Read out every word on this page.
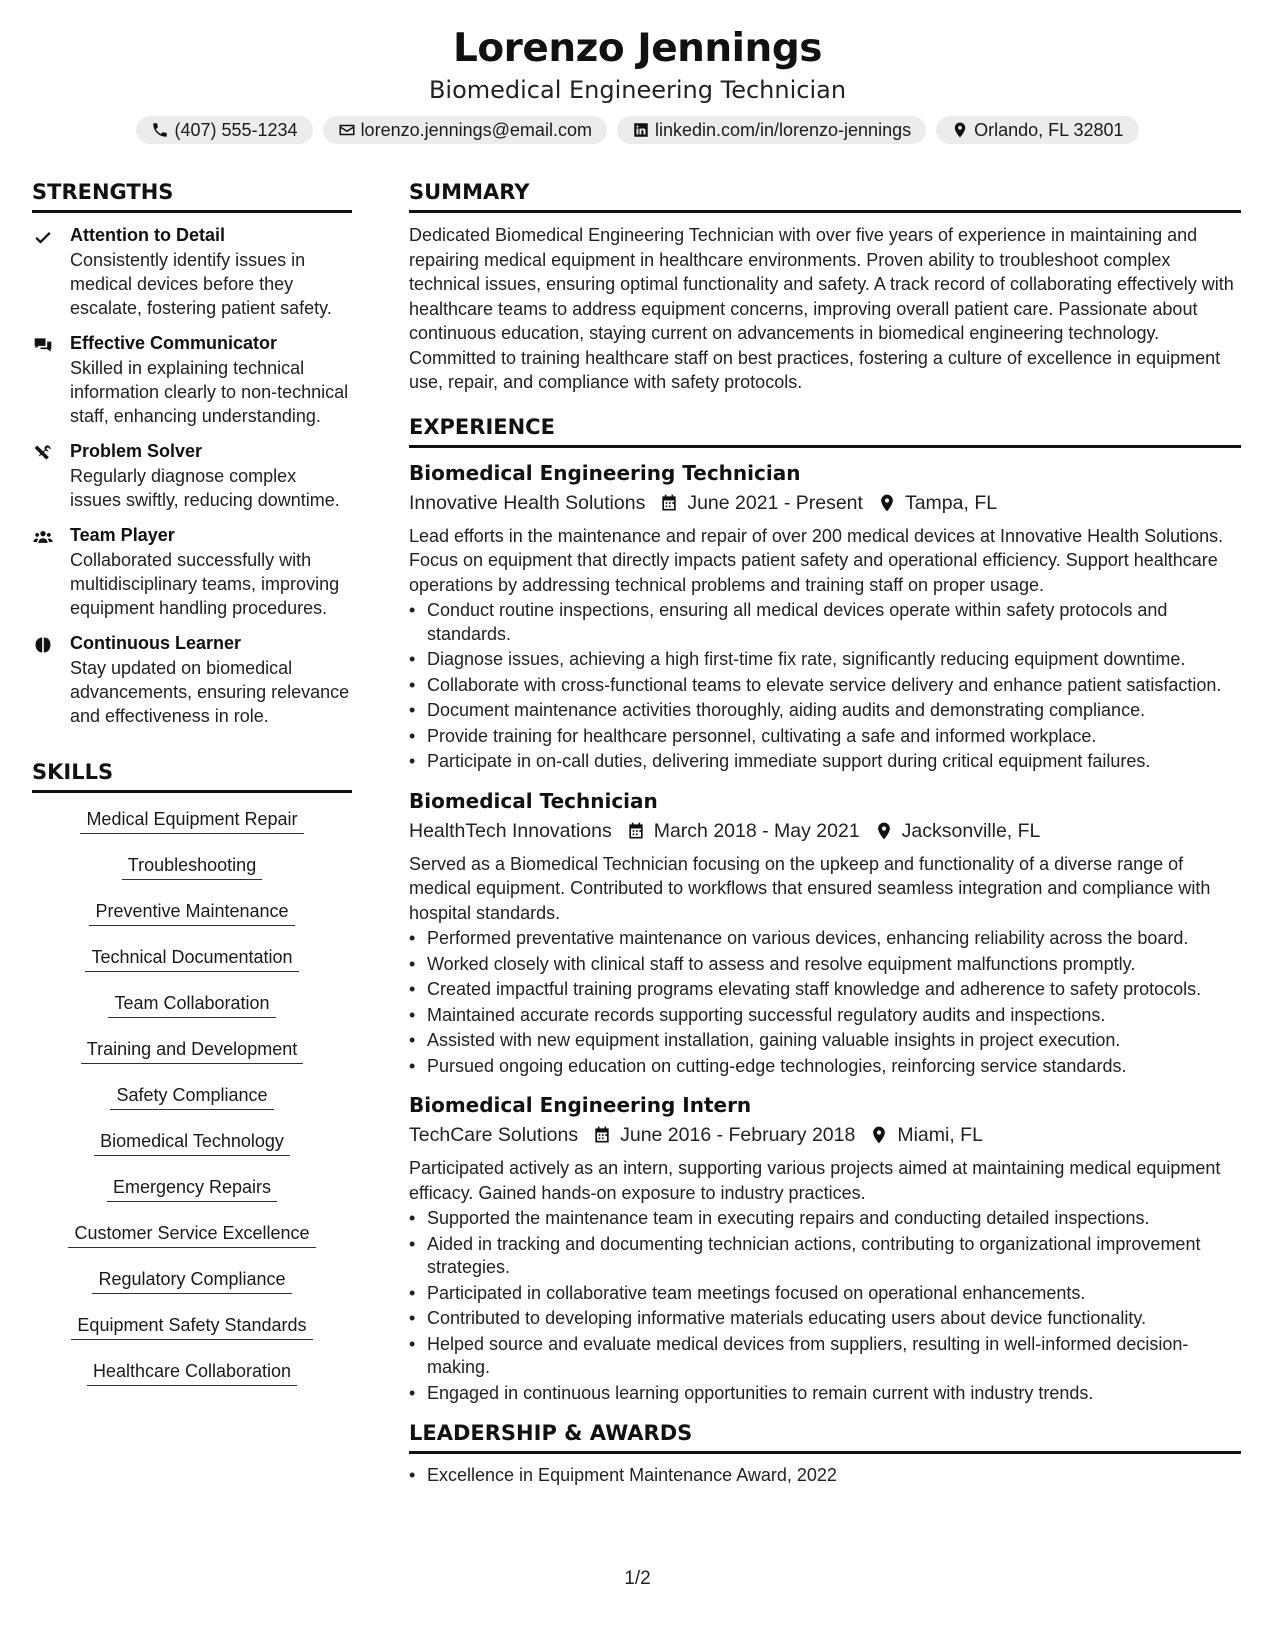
Lorenzo Jennings
Biomedical Engineering Technician
(407) 555-1234	lorenzo.jennings@email.com	linkedin.com/in/lorenzo-jennings	Orlando, FL 32801
STRENGTHS
Attention to Detail
Consistently identify issues in medical devices before they escalate, fostering patient safety.
Effective Communicator
Skilled in explaining technical information clearly to non-technical staff, enhancing understanding.
Problem Solver
Regularly diagnose complex issues swiftly, reducing downtime.
Team Player
Collaborated successfully with multidisciplinary teams, improving equipment handling procedures.
Continuous Learner
Stay updated on biomedical advancements, ensuring relevance and effectiveness in role.
SKILLS
Medical Equipment Repair
Troubleshooting
Preventive Maintenance
Technical Documentation
Team Collaboration
Training and Development
Safety Compliance
Biomedical Technology
Emergency Repairs
Customer Service Excellence
Regulatory Compliance
Equipment Safety Standards
Healthcare Collaboration
SUMMARY
Dedicated Biomedical Engineering Technician with over five years of experience in maintaining and repairing medical equipment in healthcare environments. Proven ability to troubleshoot complex technical issues, ensuring optimal functionality and safety. A track record of collaborating effectively with healthcare teams to address equipment concerns, improving overall patient care. Passionate about continuous education, staying current on advancements in biomedical engineering technology. Committed to training healthcare staff on best practices, fostering a culture of excellence in equipment use, repair, and compliance with safety protocols.
EXPERIENCE
Biomedical Engineering Technician
Innovative Health Solutions June 2021 - Present Tampa, FL
Lead efforts in the maintenance and repair of over 200 medical devices at Innovative Health Solutions. Focus on equipment that directly impacts patient safety and operational efficiency. Support healthcare operations by addressing technical problems and training staff on proper usage.
• Conduct routine inspections, ensuring all medical devices operate within safety protocols and standards.
• Diagnose issues, achieving a high first-time fix rate, significantly reducing equipment downtime.
• Collaborate with cross-functional teams to elevate service delivery and enhance patient satisfaction.
• Document maintenance activities thoroughly, aiding audits and demonstrating compliance.
• Provide training for healthcare personnel, cultivating a safe and informed workplace.
• Participate in on-call duties, delivering immediate support during critical equipment failures.
Biomedical Technician
HealthTech Innovations March 2018 - May 2021 Jacksonville, FL
Served as a Biomedical Technician focusing on the upkeep and functionality of a diverse range of medical equipment. Contributed to workflows that ensured seamless integration and compliance with hospital standards.
• Performed preventative maintenance on various devices, enhancing reliability across the board.
• Worked closely with clinical staff to assess and resolve equipment malfunctions promptly.
• Created impactful training programs elevating staff knowledge and adherence to safety protocols.
• Maintained accurate records supporting successful regulatory audits and inspections.
• Assisted with new equipment installation, gaining valuable insights in project execution.
• Pursued ongoing education on cutting-edge technologies, reinforcing service standards.
Biomedical Engineering Intern
TechCare Solutions June 2016 - February 2018 Miami, FL
Participated actively as an intern, supporting various projects aimed at maintaining medical equipment efficacy. Gained hands-on exposure to industry practices.
• Supported the maintenance team in executing repairs and conducting detailed inspections.
• Aided in tracking and documenting technician actions, contributing to organizational improvement strategies.
• Participated in collaborative team meetings focused on operational enhancements.
• Contributed to developing informative materials educating users about device functionality.
• Helped source and evaluate medical devices from suppliers, resulting in well-informed decision-making.
• Engaged in continuous learning opportunities to remain current with industry trends.
LEADERSHIP & AWARDS
• Excellence in Equipment Maintenance Award, 2022
1/2
